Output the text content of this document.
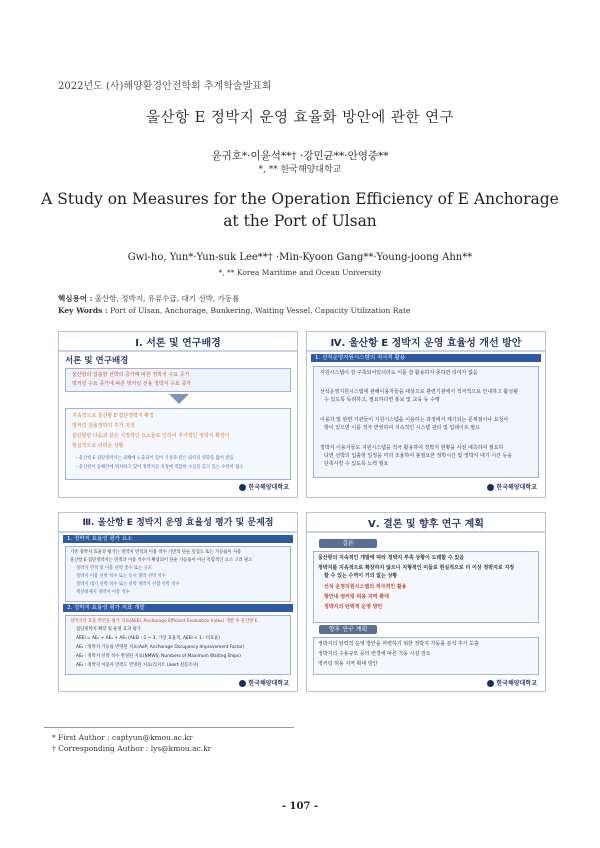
2022년도 (사)해양환경안전학회 추계학술발표회
울산항 E 정박지 운영 효율화 방안에 관한 연구
윤귀호*·이윤석**† ·강민균**·안영중**
*, ** 한국해양대학교
A Study on Measures for the Operation Efficiency of E Anchorage at the Port of Ulsan
Gwi-ho, Yun*·Yun-suk Lee**† ·Min-Kyoon Gang**·Young-joong Ahn**
*, ** Korea Maritime and Ocean University
핵심용어 : 울산항, 정박지, 유류수급, 대기 선박, 가동률
Key Words : Port of Ulsan, Anchorage, Bunkering, Waiting Vessel, Capacity Utilization Rate
Ⅰ. 서론 및 연구배경
서론 및 연구배경
울산항의 입출항 선박의 증가에 따른 정박지 수요 증가
벙커링 수요 증가에 따른 벙커링 전용 정박지 수요 증가
지속적으로 울산항 E 집단정박지 확장
벙커링 전용정박지 추가 지정
울산항만 다음과 같은 지정적인 요소들로 인하여 추가적인 정박지 확장이
현실적으로 어려운 상황
- 울산항 E 집단정박지는 외해에 노출되어 있어 기상과 같은 외력의 영향을 많이 받음
- 울산항이 동해안에 위치하고 있어 정박지를 지정에 적합한 수심을 갖고 있는 수역이 협소
한국해양대학교
Ⅳ. 울산항 E 정박지 운영 효율성 개선 방안
1. 선석운영지원시스템의 적극적 활용
자원시스템이 잘 구축되어있더라도 이를 잘 활용하지 못하면 의미가 없음
선석운영지원시스템에 관해이용자들을 대상으로 관련기관에서 적극적으로 안내하고 활성될
수 있도록 독려하고, 필요하다면 홍보 및 교육 등 수행
이용자 및 관련 기관들이 지원시스템을 이용하는 과정에서 제기되는 문제점이나 요청사
항이 있으면 이를 적극 반영하여 지속적인 시스템 관리 및 업데이트 필요
정박지 이용자들도 지원시스템을 적극 활용하여 정박지 현황을 사전 예측하여 필요하
다면 선박의 입출항 일정을 미리 조율하여 불필요한 정박시간 및 정박지 대기 시간 등을
단축시킬 수 있도록 노력 필요
한국해양대학교
Ⅲ. 울산항 E 정박지 운영 효율성 평가 및 문제점
1. 정박지 효율성 평가 요소
기존 정박지 효율성 평가는 정박지 면적과 이용 척수 기반의 단순 밀집도 또는 가동률이 사용
울산항 E 집단정박지는 면적과 이용 척수가 확장되어 단순 가동률이 아닌 복합적인 요소 고려 필요
정박지 면적 및 이용 선박 총수 또는 규모
정박지 이용 선박 척수 또는 동시 정박 선박 척수
정박지 대기 선박 척수 또는 선박 정박지 선점 선박 척수
재상대체지 정박지 이용 척수
2. 정박지 효율성 평가 지표 개발
정박지의 효율 측면을 평가 지표(AEEI, Anchorage Efficient Evaluation Index) 개발 후 울산항 E
집단정박지 확장 및 운영 효과 평가
AEEI = AE₁ + AE₂ + AE₃ (AEEI : 1 ~ 3, 가장 효율적, AEEI < 1 : 비효율)
AE₁ : 정박지 가동률 반영된 지표(AoP, Anchorage Occupancy Improvement Factor)
AE₂ : 정박지 선박 척수 반영된 지표(NMWS, Numbers of Maximum Waiting Ships)
AE₃ : 정박지 이용자 만족도 반영된 지표(리커트 Likert 설문조사)
한국해양대학교
Ⅴ. 결론 및 향후 연구 계획
결론
울산항의 지속적인 개발에 따라 정박지 부족 상황이 도래할 수 있음
정박지를 지속적으로 확장하지 않으나 지형적인 미들로 현실적으로 더 이상 정박지로 지정
할 수 있는 수역이 거의 없는 상황
선석 운영지원시스템의 적극적인 활용
항만내 벙커링 허용 지역 확대
정박지의 탄력적 운영 방안
향후 연구 계획
정박지의 탄력적 운영 방안을 마련하기 위한 정박지 가동률 분석 추가 도출
정박지의 수용규모 등의 변경에 따른 가동 시설 검토
벙커링 허용 지역 확대 방안
한국해양대학교
* First Author : captyun@kmou.ac.kr
† Corresponding Author : lys@kmou.ac.kr
- 107 -
